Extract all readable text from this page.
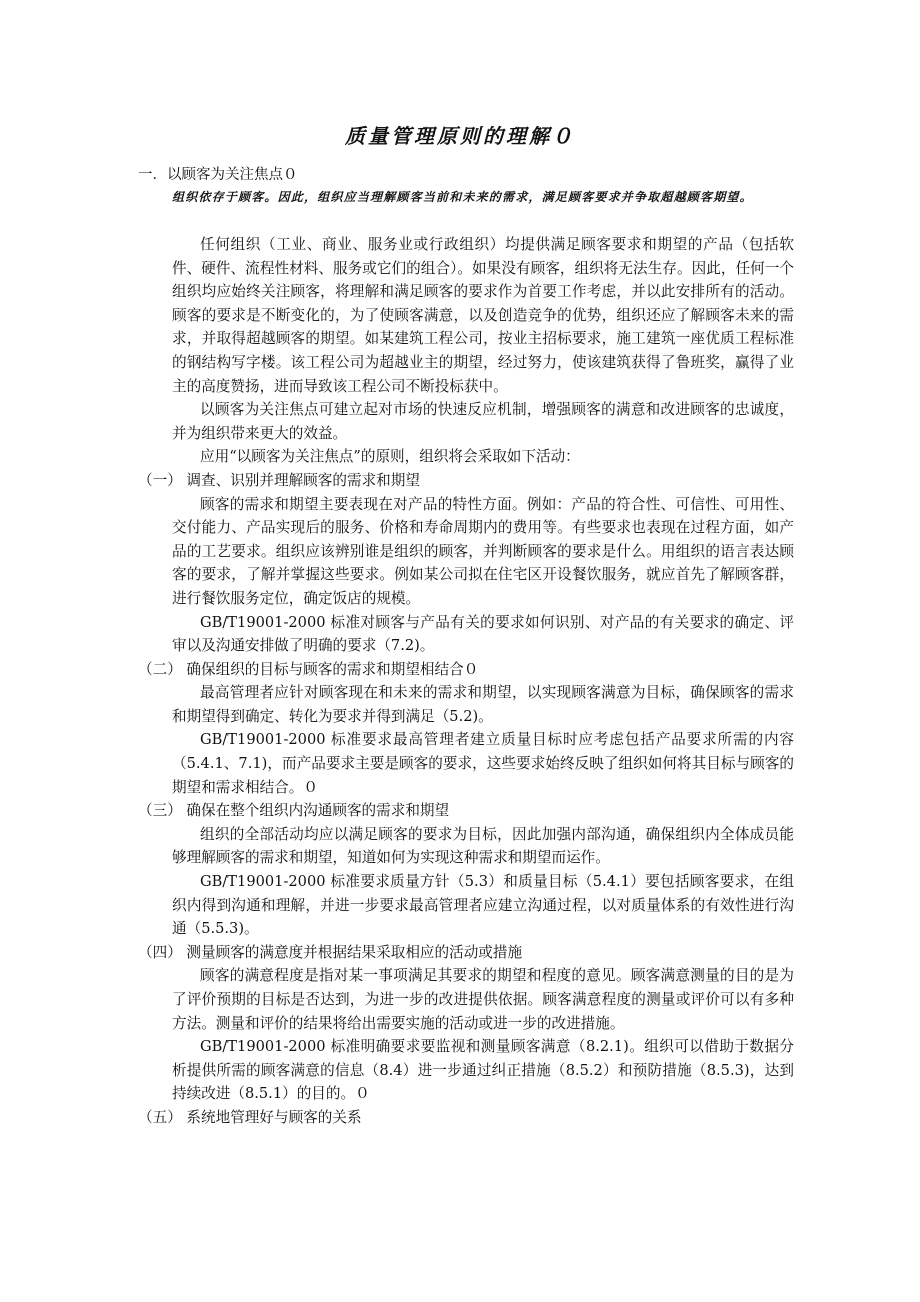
质量管理原则的理解０
一．以顾客为关注焦点０

组织依存于顾客。因此，组织应当理解顾客当前和未来的需求，满足顾客要求并争取超越顾客期望。

任何组织（工业、商业、服务业或行政组织）均提供满足顾客要求和期望的产品（包括软件、硬件、流程性材料、服务或它们的组合）。如果没有顾客，组织将无法生存。因此，任何一个组织均应始终关注顾客，将理解和满足顾客的要求作为首要工作考虑，并以此安排所有的活动。顾客的要求是不断变化的，为了使顾客满意，以及创造竞争的优势，组织还应了解顾客未来的需求，并取得超越顾客的期望。如某建筑工程公司，按业主招标要求，施工建筑一座优质工程标准的钢结构写字楼。该工程公司为超越业主的期望，经过努力，使该建筑获得了鲁班奖，赢得了业主的高度赞扬，进而导致该工程公司不断投标获中。

以顾客为关注焦点可建立起对市场的快速反应机制，增强顾客的满意和改进顾客的忠诚度，并为组织带来更大的效益。

应用“以顾客为关注焦点”的原则，组织将会采取如下活动：

（一） 调查、识别并理解顾客的需求和期望

顾客的需求和期望主要表现在对产品的特性方面。例如：产品的符合性、可信性、可用性、交付能力、产品实现后的服务、价格和寿命周期内的费用等。有些要求也表现在过程方面，如产品的工艺要求。组织应该辨别谁是组织的顾客，并判断顾客的要求是什么。用组织的语言表达顾客的要求，了解并掌握这些要求。例如某公司拟在住宅区开设餐饮服务，就应首先了解顾客群，进行餐饮服务定位，确定饭店的规模。

GB/T19001-2000 标准对顾客与产品有关的要求如何识别、对产品的有关要求的确定、评审以及沟通安排做了明确的要求（7.2)。

（二） 确保组织的目标与顾客的需求和期望相结合０

最高管理者应针对顾客现在和未来的需求和期望，以实现顾客满意为目标，确保顾客的需求和期望得到确定、转化为要求并得到满足（5.2)。

GB/T19001-2000 标准要求最高管理者建立质量目标时应考虑包括产品要求所需的内容（5.4.1、7.1)，而产品要求主要是顾客的要求，这些要求始终反映了组织如何将其目标与顾客的期望和需求相结合。０

（三） 确保在整个组织内沟通顾客的需求和期望

组织的全部活动均应以满足顾客的要求为目标，因此加强内部沟通，确保组织内全体成员能够理解顾客的需求和期望，知道如何为实现这种需求和期望而运作。

GB/T19001-2000 标准要求质量方针（5.3）和质量目标（5.4.1）要包括顾客要求，在组织内得到沟通和理解，并进一步要求最高管理者应建立沟通过程，以对质量体系的有效性进行沟通（5.5.3)。

（四） 测量顾客的满意度并根据结果采取相应的活动或措施

顾客的满意程度是指对某一事项满足其要求的期望和程度的意见。顾客满意测量的目的是为了评价预期的目标是否达到，为进一步的改进提供依据。顾客满意程度的测量或评价可以有多种方法。测量和评价的结果将给出需要实施的活动或进一步的改进措施。

GB/T19001-2000 标准明确要求要监视和测量顾客满意（8.2.1)。组织可以借助于数据分析提供所需的顾客满意的信息（8.4）进一步通过纠正措施（8.5.2）和预防措施（8.5.3)，达到持续改进（8.5.1）的目的。０

（五） 系统地管理好与顾客的关系
